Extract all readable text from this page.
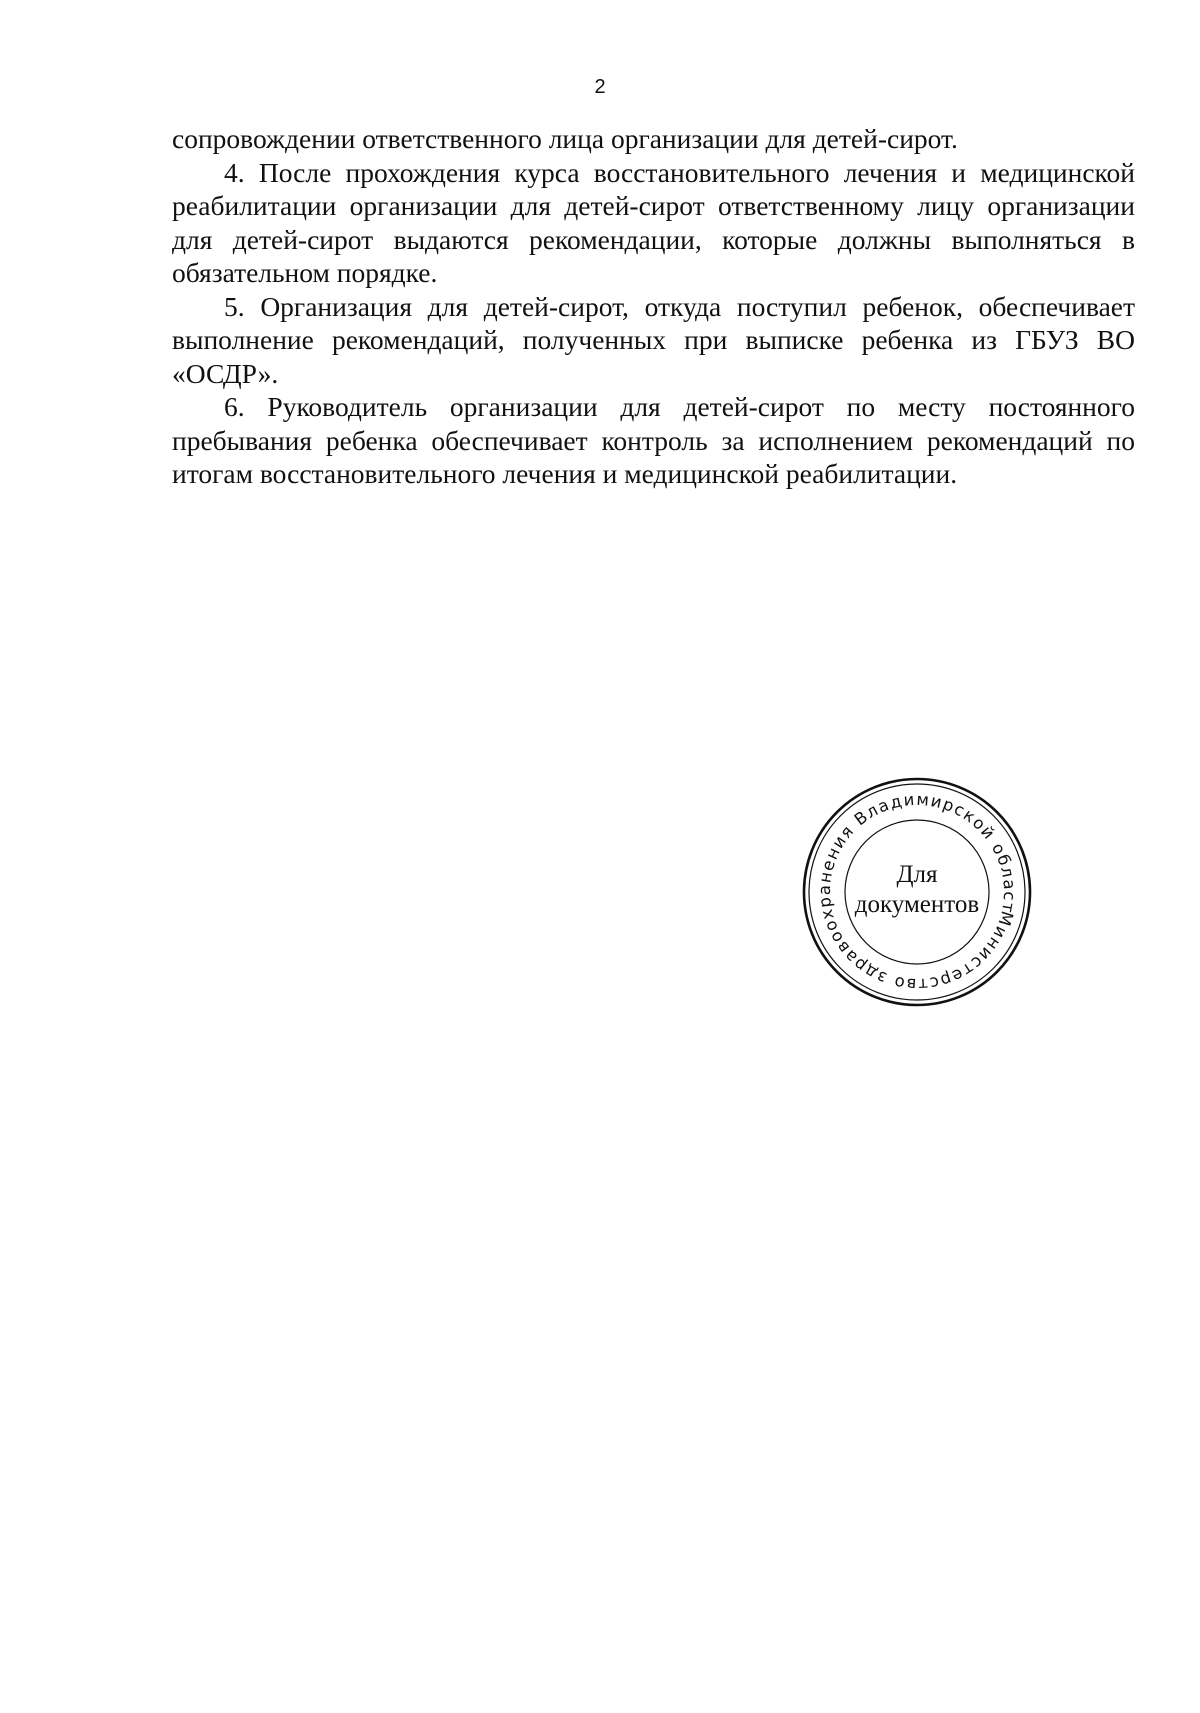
2

сопровождении ответственного лица организации для детей-сирот.

4. После прохождения курса восстановительного лечения и медицинской реабилитации организации для детей-сирот ответственному лицу организации для детей-сирот выдаются рекомендации, которые должны выполняться в обязательном порядке.

5. Организация для детей-сирот, откуда поступил ребенок, обеспечивает выполнение рекомендаций, полученных при выписке ребенка из ГБУЗ ВО «ОСДР».

6. Руководитель организации для детей-сирот по месту постоянного пребывания ребенка обеспечивает контроль за исполнением рекомендаций по итогам восстановительного лечения и медицинской реабилитации.

Министерство здравоохранения Владимирской области
Для
документов
